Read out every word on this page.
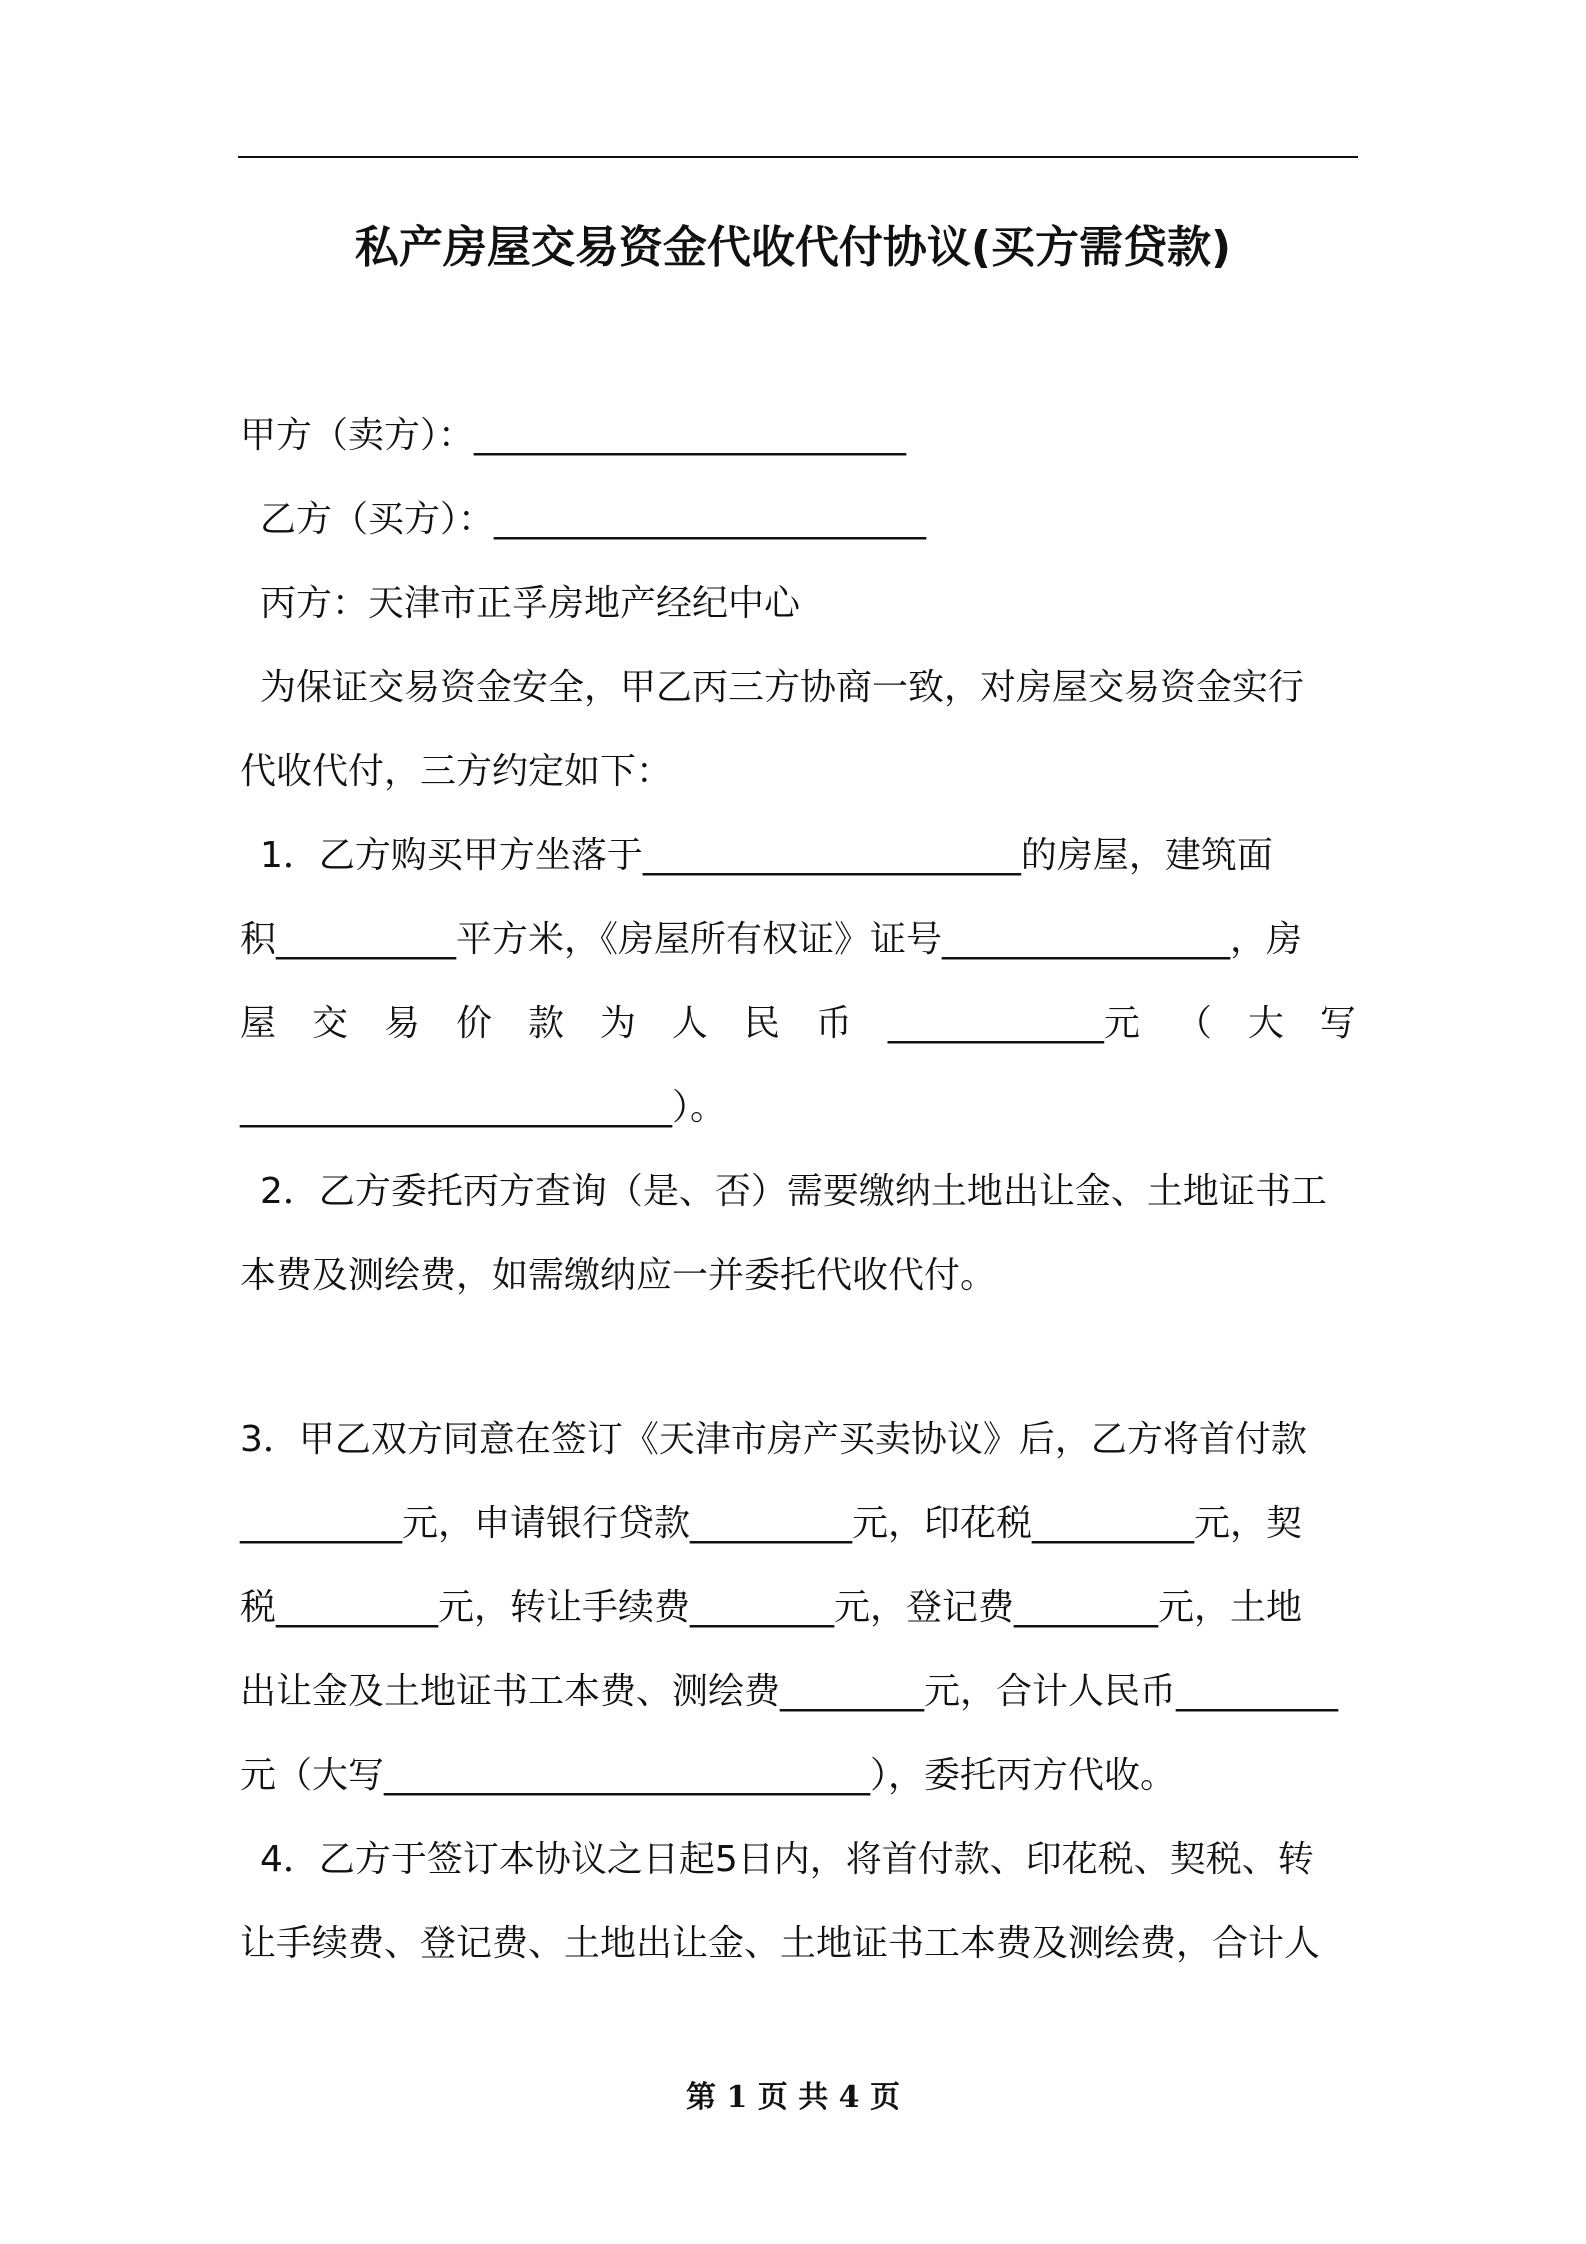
私产房屋交易资金代收代付协议(买方需贷款)
甲方（卖方）：________________________
乙方（买方）：________________________
丙方：天津市正孚房地产经纪中心
为保证交易资金安全，甲乙丙三方协商一致，对房屋交易资金实行
代收代付，三方约定如下：
1．乙方购买甲方坐落于_____________________的房屋，建筑面
积__________平方米，《房屋所有权证》证号________________，房
屋 交 易 价 款 为 人 民 币 ____________元 （ 大 写
________________________）。
2．乙方委托丙方查询（是、否）需要缴纳土地出让金、土地证书工
本费及测绘费，如需缴纳应一并委托代收代付。
3．甲乙双方同意在签订《天津市房产买卖协议》后，乙方将首付款
_________元，申请银行贷款_________元，印花税_________元，契
税_________元，转让手续费________元，登记费________元，土地
出让金及土地证书工本费、测绘费________元，合计人民币_________
元（大写___________________________），委托丙方代收。
4．乙方于签订本协议之日起5日内，将首付款、印花税、契税、转
让手续费、登记费、土地出让金、土地证书工本费及测绘费，合计人
第 1 页 共 4 页
